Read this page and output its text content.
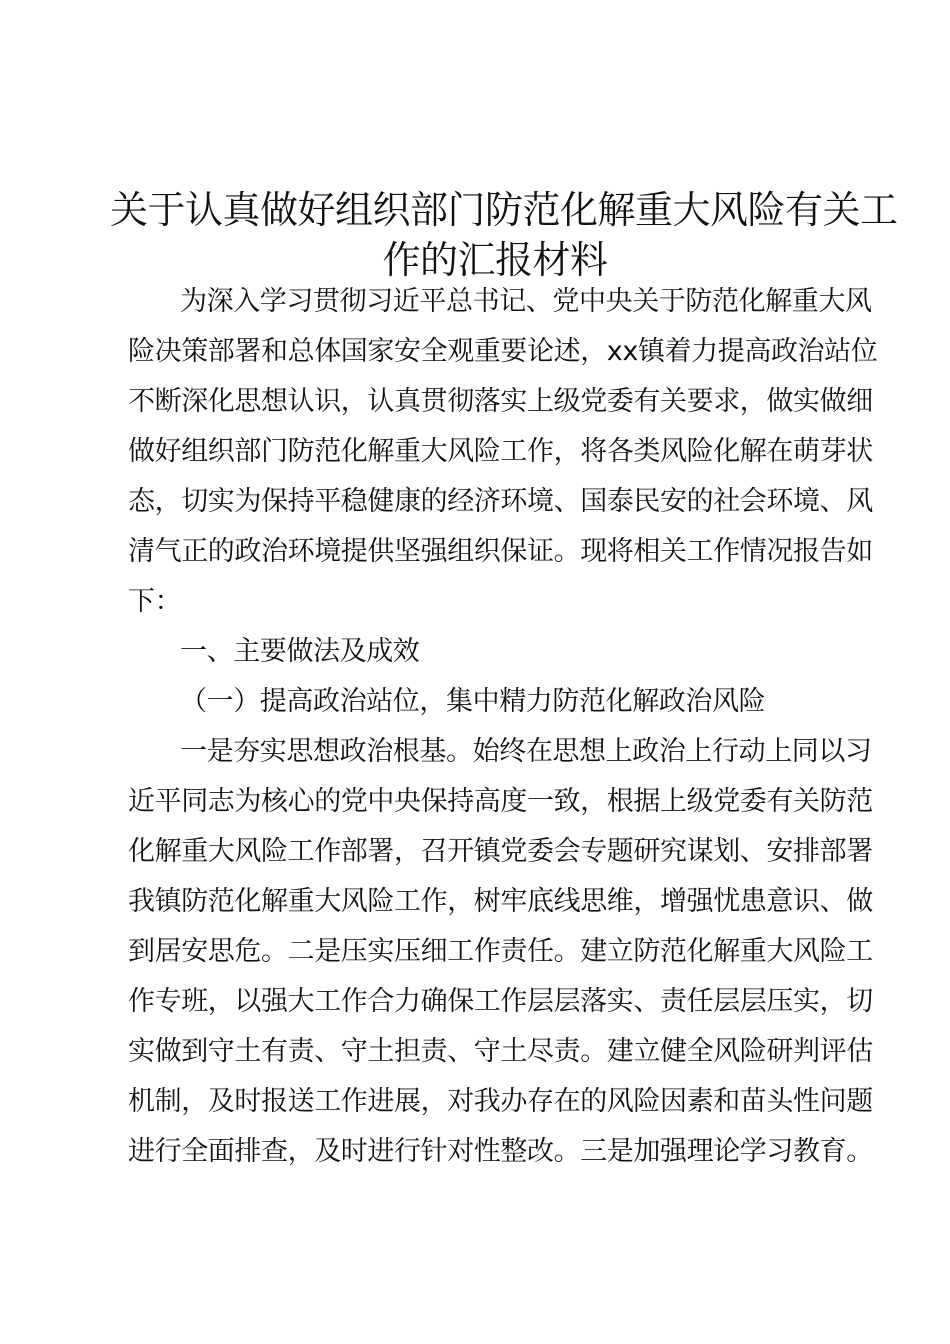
关于认真做好组织部门防范化解重大风险有关工
作的汇报材料
为深入学习贯彻习近平总书记、党中央关于防范化解重大风
险决策部署和总体国家安全观重要论述，xx镇着力提高政治站位
不断深化思想认识，认真贯彻落实上级党委有关要求，做实做细
做好组织部门防范化解重大风险工作，将各类风险化解在萌芽状
态，切实为保持平稳健康的经济环境、国泰民安的社会环境、风
清气正的政治环境提供坚强组织保证。现将相关工作情况报告如
下：
一、主要做法及成效
（一）提高政治站位，集中精力防范化解政治风险
一是夯实思想政治根基。始终在思想上政治上行动上同以习
近平同志为核心的党中央保持高度一致，根据上级党委有关防范
化解重大风险工作部署，召开镇党委会专题研究谋划、安排部署
我镇防范化解重大风险工作，树牢底线思维，增强忧患意识、做
到居安思危。二是压实压细工作责任。建立防范化解重大风险工
作专班，以强大工作合力确保工作层层落实、责任层层压实，切
实做到守土有责、守土担责、守土尽责。建立健全风险研判评估
机制，及时报送工作进展，对我办存在的风险因素和苗头性问题
进行全面排查，及时进行针对性整改。三是加强理论学习教育。
